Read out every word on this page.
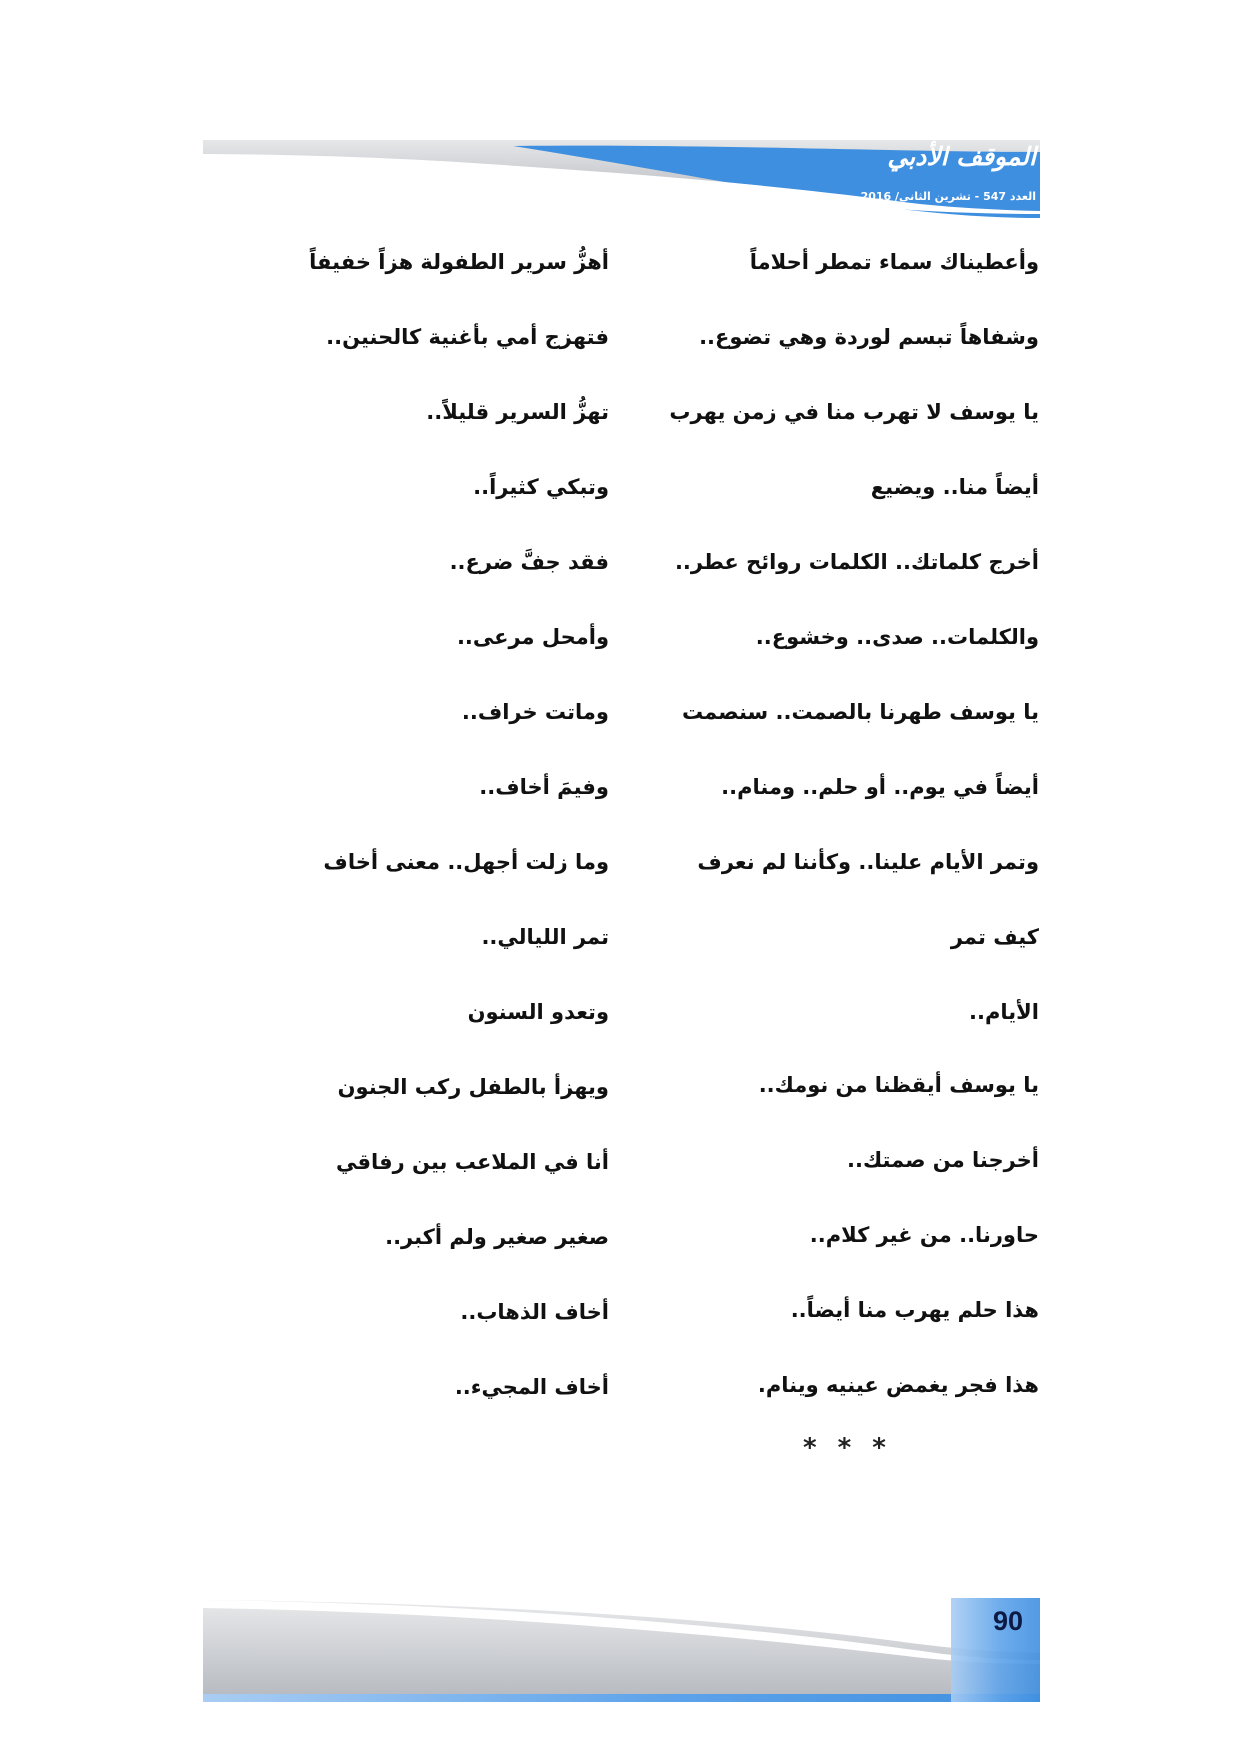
الموقف الأدبي
العدد 547 - تشرين الثاني/ 2016
وأعطيناك سماء تمطر أحلاماً
وشفاهاً تبسم لوردة وهي تضوع..
يا يوسف لا تهرب منا في زمن يهرب
أيضاً منا.. ويضيع
أخرج كلماتك.. الكلمات روائح عطر..
والكلمات.. صدى.. وخشوع..
يا يوسف طهرنا بالصمت.. سنصمت
أيضاً في يوم.. أو حلم.. ومنام..
وتمر الأيام علينا.. وكأننا لم نعرف
كيف تمر
الأيام..
يا يوسف أيقظنا من نومك..
أخرجنا من صمتك..
حاورنا.. من غير كلام..
هذا حلم يهرب منا أيضاً..
هذا فجر يغمض عينيه وينام.
أهزُّ سرير الطفولة هزاً خفيفاً
فتهزج أمي بأغنية كالحنين..
تهزُّ السرير قليلاً..
وتبكي كثيراً..
فقد جفَّ ضرع..
وأمحل مرعى..
وماتت خراف..
وفيمَ أخاف..
وما زلت أجهل.. معنى أخاف
تمر الليالي..
وتعدو السنون
ويهزأ بالطفل ركب الجنون
أنا في الملاعب بين رفاقي
صغير صغير ولم أكبر..
أخاف الذهاب..
أخاف المجيء..
* * *
90
